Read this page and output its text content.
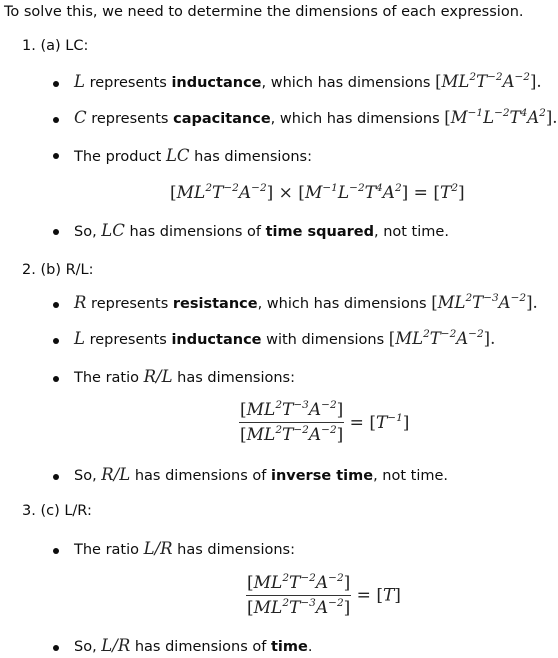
To solve this, we need to determine the dimensions of each expression.
1. (a) LC:
L represents inductance, which has dimensions $[ML^2T^{-2}A^{-2}]$.
C represents capacitance, which has dimensions $[M^{-1}L^{-2}T^4A^2]$.
The product LC has dimensions:
$[ML^2T^{-2}A^{-2}] \times [M^{-1}L^{-2}T^4A^2] = [T^2]$
So, LC has dimensions of time squared, not time.
2. (b) R/L:
R represents resistance, which has dimensions $[ML^2T^{-3}A^{-2}]$.
L represents inductance with dimensions $[ML^2T^{-2}A^{-2}]$.
The ratio R/L has dimensions:
$\frac{[ML^2T^{-3}A^{-2}]}{[ML^2T^{-2}A^{-2}]} = [T^{-1}]$
So, R/L has dimensions of inverse time, not time.
3. (c) L/R:
The ratio L/R has dimensions:
$\frac{[ML^2T^{-2}A^{-2}]}{[ML^2T^{-3}A^{-2}]} = [T]$
So, L/R has dimensions of time.
